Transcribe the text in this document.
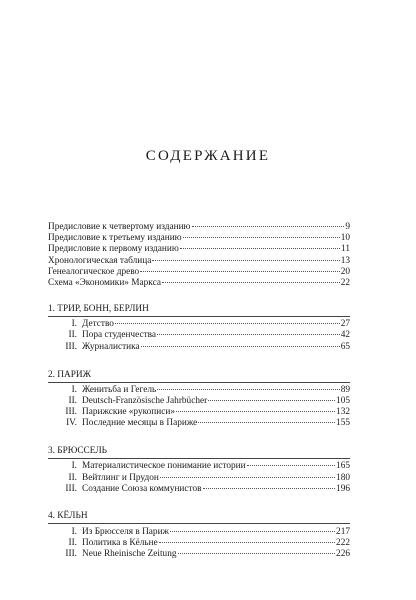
СОДЕРЖАНИЕ
Предисловие к четвертому изданию	9
Предисловие к третьему изданию	10
Предисловие к первому изданию	11
Хронологическая таблица	13
Генеалогическое древо	20
Схема «Экономики» Маркса	22
1. ТРИР, БОНН, БЕРЛИН
I. Детство	27
II. Пора студенчества	42
III. Журналистика	65
2. ПАРИЖ
I. Женитьба и Гегель	89
II. Deutsch-Französische Jahrbücher	105
III. Парижские «рукописи»	132
IV. Последние месяцы в Париже	155
3. БРЮССЕЛЬ
I. Материалистическое понимание истории	165
II. Вейтлинг и Прудон	180
III. Создание Союза коммунистов	196
4. КЁЛЬН
I. Из Брюсселя в Париж	217
II. Политика в Кёльне	222
III. Neue Rheinische Zeitung	226
